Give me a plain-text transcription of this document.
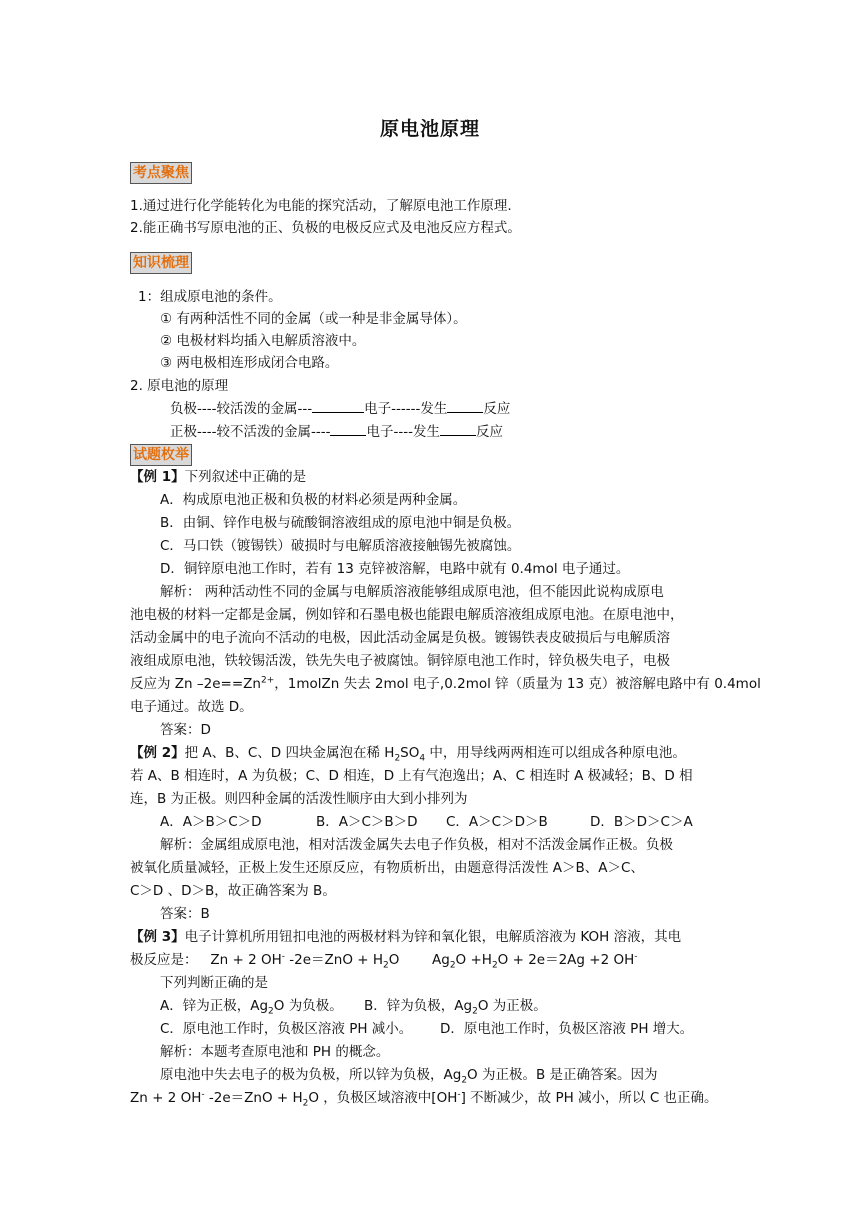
原电池原理
考点聚焦
1.通过进行化学能转化为电能的探究活动，了解原电池工作原理.
2.能正确书写原电池的正、负极的电极反应式及电池反应方程式。
知识梳理
1：组成原电池的条件。
① 有两种活性不同的金属（或一种是非金属导体）。
② 电极材料均插入电解质溶液中。
③ 两电极相连形成闭合电路。
2. 原电池的原理
负极----较活泼的金属---	电子------发生	反应
正极----较不活泼的金属----	电子----发生	反应
试题枚举
【例 1】下列叙述中正确的是
A．构成原电池正极和负极的材料必须是两种金属。
B．由铜、锌作电极与硫酸铜溶液组成的原电池中铜是负极。
C．马口铁（镀锡铁）破损时与电解质溶液接触锡先被腐蚀。
D．铜锌原电池工作时，若有 13 克锌被溶解，电路中就有 0.4mol 电子通过。
解析： 两种活动性不同的金属与电解质溶液能够组成原电池，但不能因此说构成原电
池电极的材料一定都是金属，例如锌和石墨电极也能跟电解质溶液组成原电池。在原电池中，
活动金属中的电子流向不活动的电极，因此活动金属是负极。镀锡铁表皮破损后与电解质溶
液组成原电池，铁较锡活泼，铁先失电子被腐蚀。铜锌原电池工作时，锌负极失电子，电极
反应为 Zn $-2e==Zn^{2+}$，1molZn 失去 2mol 电子,0.2mol 锌（质量为 13 克）被溶解电路中有 0.4mol
电子通过。故选 D。
答案：D
【例 2】把 A、B、C、D 四块金属泡在稀 $H_2SO_4$ 中，用导线两两相连可以组成各种原电池。
若 A、B 相连时，A 为负极；C、D 相连，D 上有气泡逸出；A、C 相连时 A 极减轻；B、D 相
连，B 为正极。则四种金属的活泼性顺序由大到小排列为
A．A＞B＞C＞D	B．A＞C＞B＞D C．A＞C＞D＞B	D．B＞D＞C＞A
解析：金属组成原电池，相对活泼金属失去电子作负极，相对不活泼金属作正极。负极
被氧化质量减轻，正极上发生还原反应，有物质析出，由题意得活泼性 A＞B、A＞C、
C＞D 、D＞B，故正确答案为 B。
答案：B
【例 3】电子计算机所用钮扣电池的两极材料为锌和氧化银，电解质溶液为 KOH 溶液，其电
极反应是： Zn + 2 OH- $-2e=ZnO + H_2O$ $Ag_2O +H_2O + 2e=2Ag +2$ OH-
下列判断正确的是
A．锌为正极，$Ag_2O$ 为负极。 B．锌为负极，$Ag_2O$ 为正极。
C．原电池工作时，负极区溶液 PH 减小。 D．原电池工作时，负极区溶液 PH 增大。
解析：本题考查原电池和 PH 的概念。
原电池中失去电子的极为负极，所以锌为负极，$Ag_2O$ 为正极。B 是正确答案。因为
Zn + 2 OH- $-2e=ZnO + H_2O$ ，负极区域溶液中[OH-] 不断减少，故 PH 减小，所以 C 也正确。
